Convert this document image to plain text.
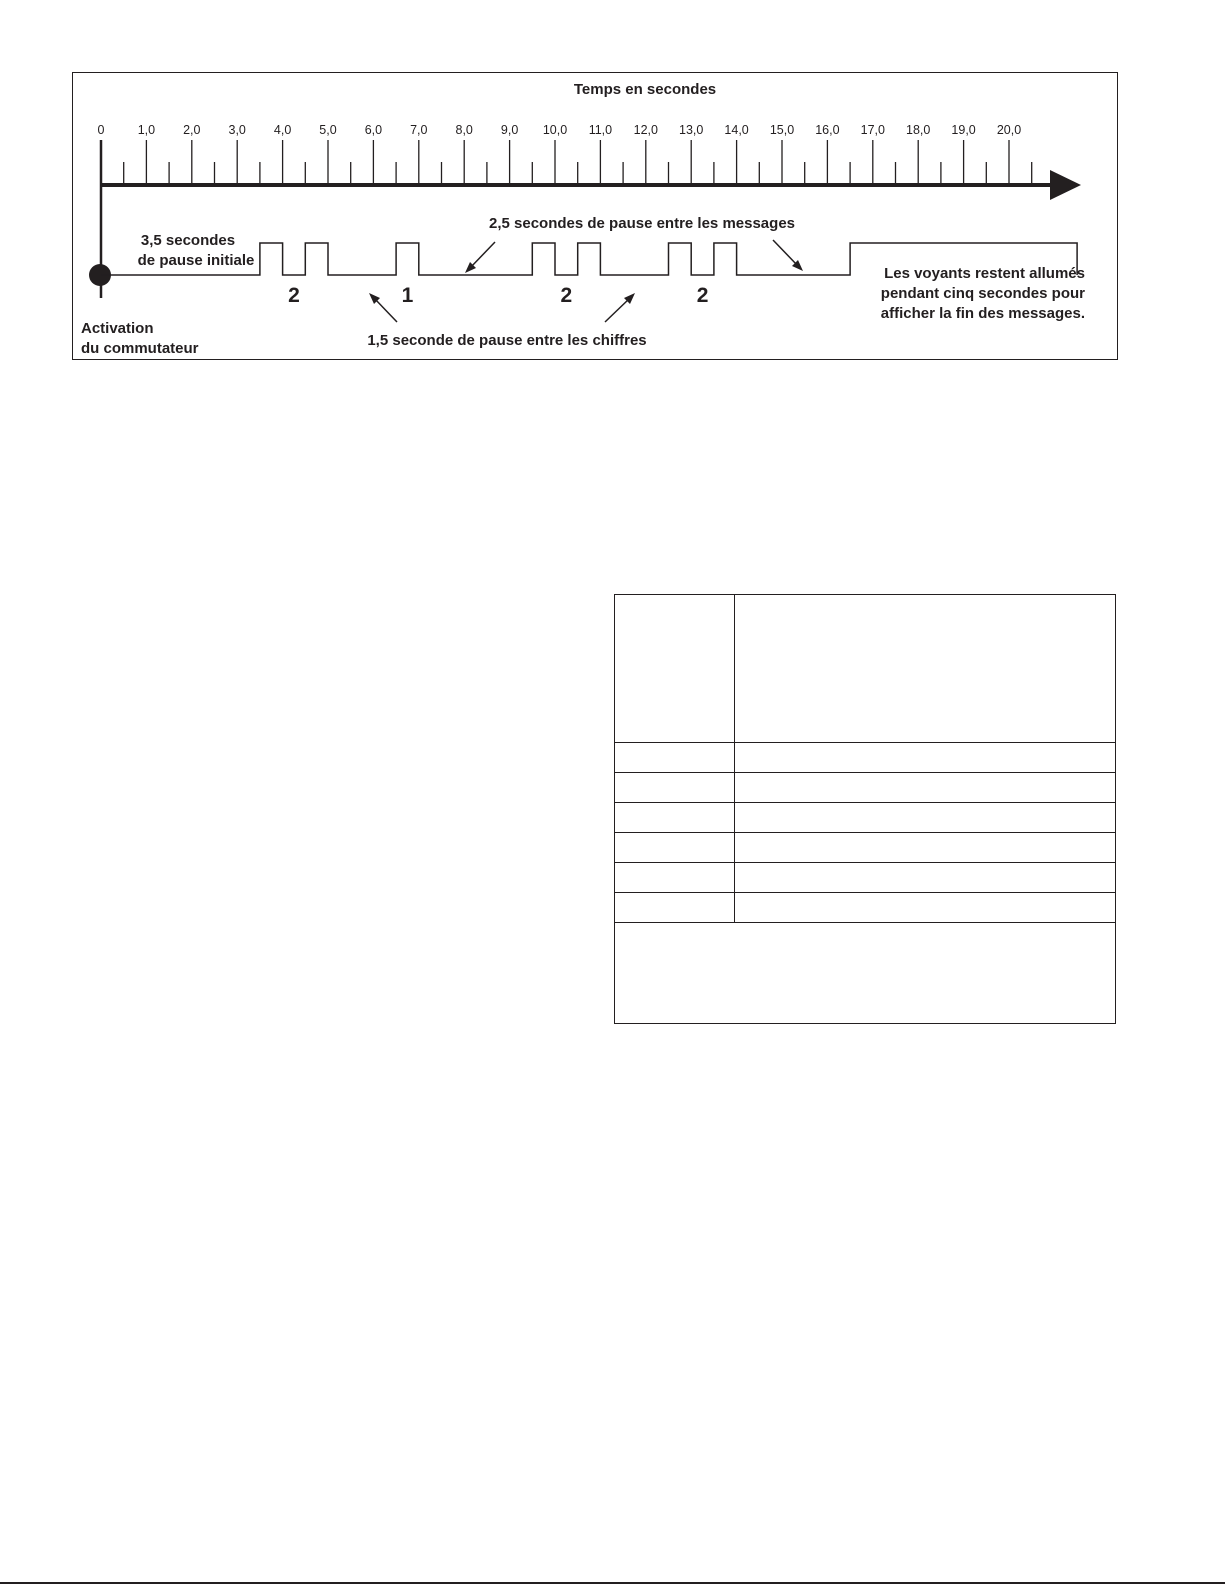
Temps en secondes
0	1,0 2,0 3,0 4,0 5,0 6,0 7,0 8,0 9,0 10,0 11,0 12,0 13,0 14,0 15,0 16,0 17,0 18,0 19,0 20,0
2	1	2	2
3,5 secondes
de pause initiale
2,5 secondes de pause entre les messages
1,5 seconde de pause entre les chiffres
Activation
du commutateur
Les voyants restent allumés
pendant cinq secondes pour
afficher la fin des messages.
